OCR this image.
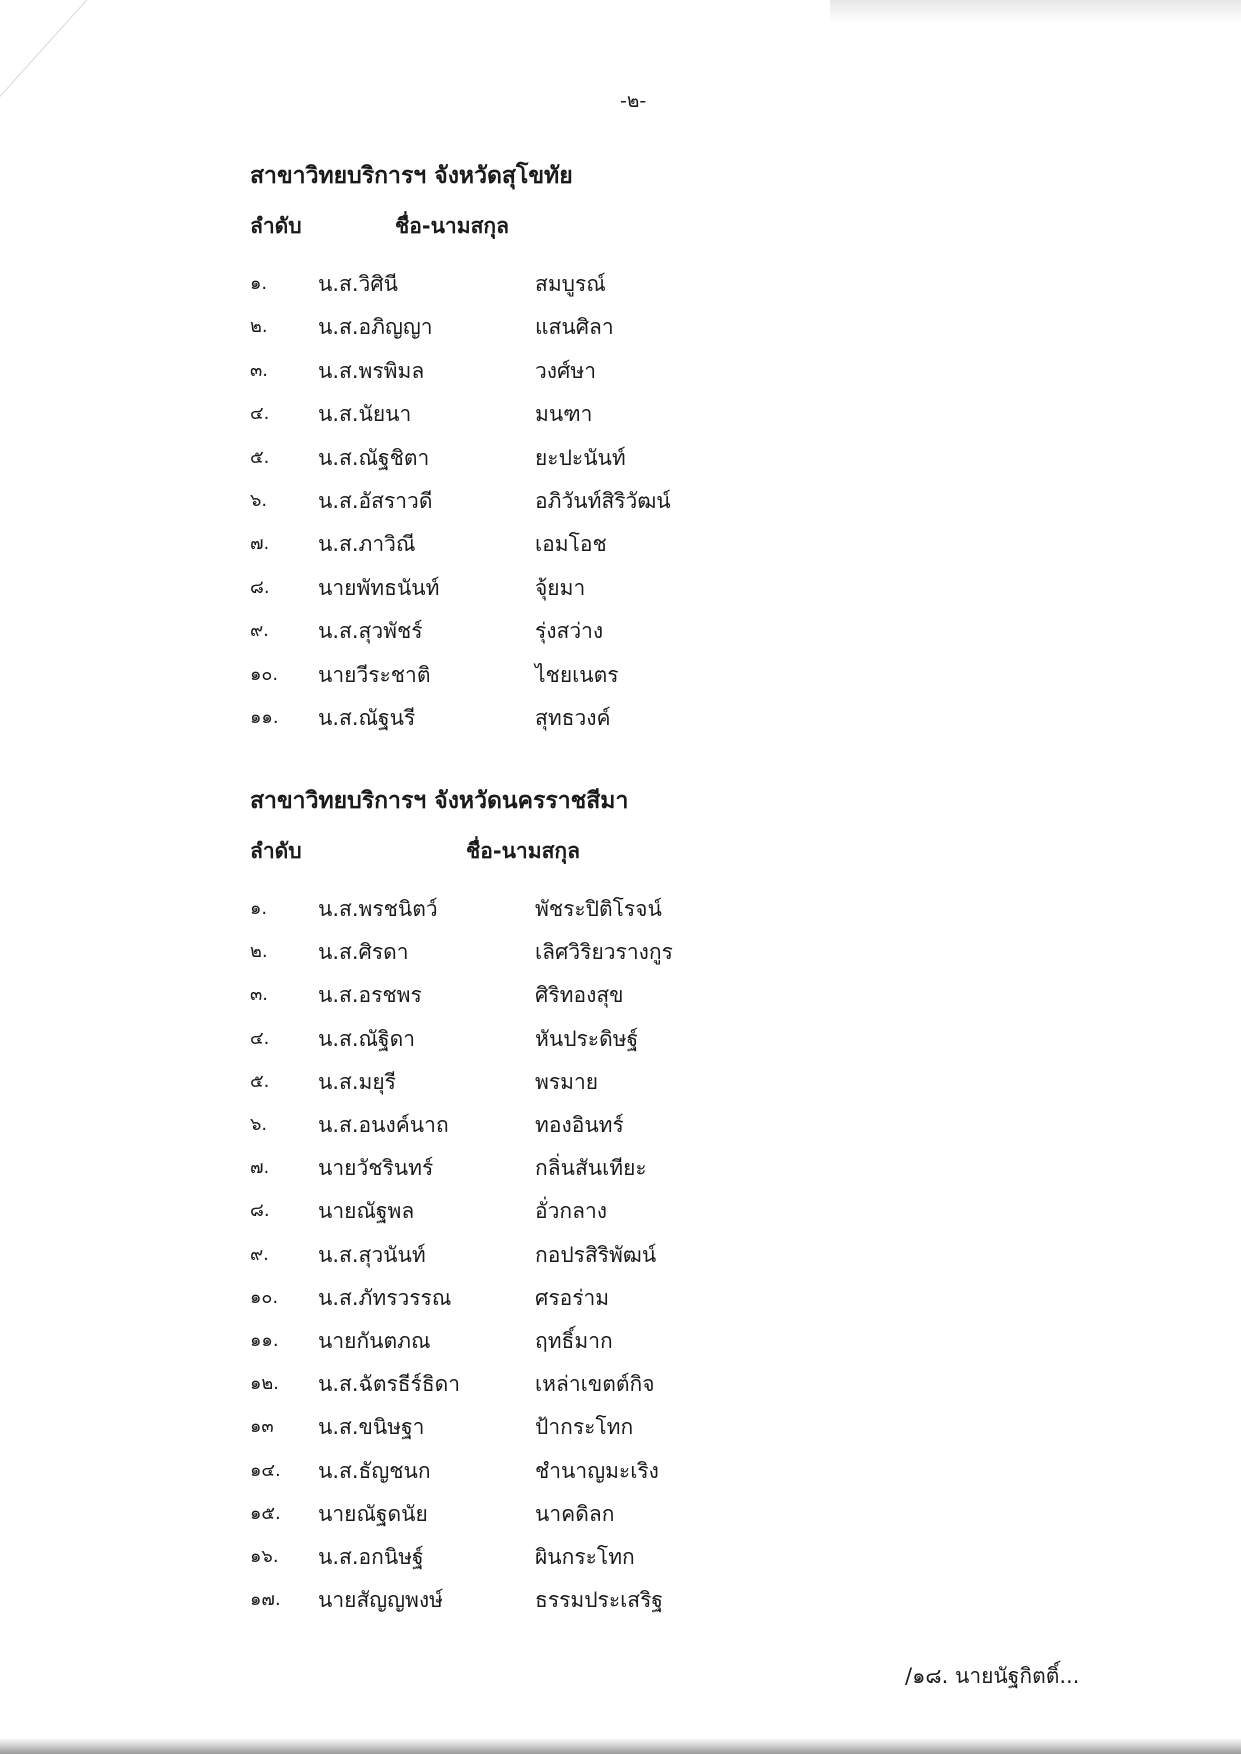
-๒-
สาขาวิทยบริการฯ จังหวัดสุโขทัย
ลำดับ	ชื่อ-นามสกุล
๑. น.ส.วิศินี	สมบูรณ์
๒. น.ส.อภิญญา	แสนศิลา
๓. น.ส.พรพิมล	วงศ์ษา
๔. น.ส.นัยนา	มนฑา
๕. น.ส.ณัฐชิตา	ยะปะนันท์
๖. น.ส.อัสราวดี	อภิวันท์สิริวัฒน์
๗. น.ส.ภาวิณี	เอมโอช
๘. นายพัทธนันท์	จุ้ยมา
๙. น.ส.สุวพัชร์	รุ่งสว่าง
๑๐. นายวีระชาติ	ไชยเนตร
๑๑. น.ส.ณัฐนรี	สุทธวงค์
สาขาวิทยบริการฯ จังหวัดนครราชสีมา
ลำดับ	ชื่อ-นามสกุล
๑. น.ส.พรชนิตว์	พัชระปิติโรจน์
๒. น.ส.ศิรดา	เลิศวิริยวรางกูร
๓. น.ส.อรชพร	ศิริทองสุข
๔. น.ส.ณัฐิดา	หันประดิษฐ์
๕. น.ส.มยุรี	พรมาย
๖. น.ส.อนงค์นาถ	ทองอินทร์
๗. นายวัชรินทร์	กลิ่นสันเทียะ
๘. นายณัฐพล	อั่วกลาง
๙. น.ส.สุวนันท์	กอปรสิริพัฒน์
๑๐. น.ส.ภัทรวรรณ	ศรอร่าม
๑๑. นายกันตภณ	ฤทธิ์มาก
๑๒. น.ส.ฉัตรธีร์ธิดา	เหล่าเขตต์กิจ
๑๓ น.ส.ขนิษฐา	ป้ากระโทก
๑๔. น.ส.ธัญชนก	ชำนาญมะเริง
๑๕. นายณัฐดนัย	นาคดิลก
๑๖. น.ส.อกนิษฐ์	ผินกระโทก
๑๗. นายสัญญพงษ์	ธรรมประเสริฐ
/๑๘. นายนัฐกิตติ์...
